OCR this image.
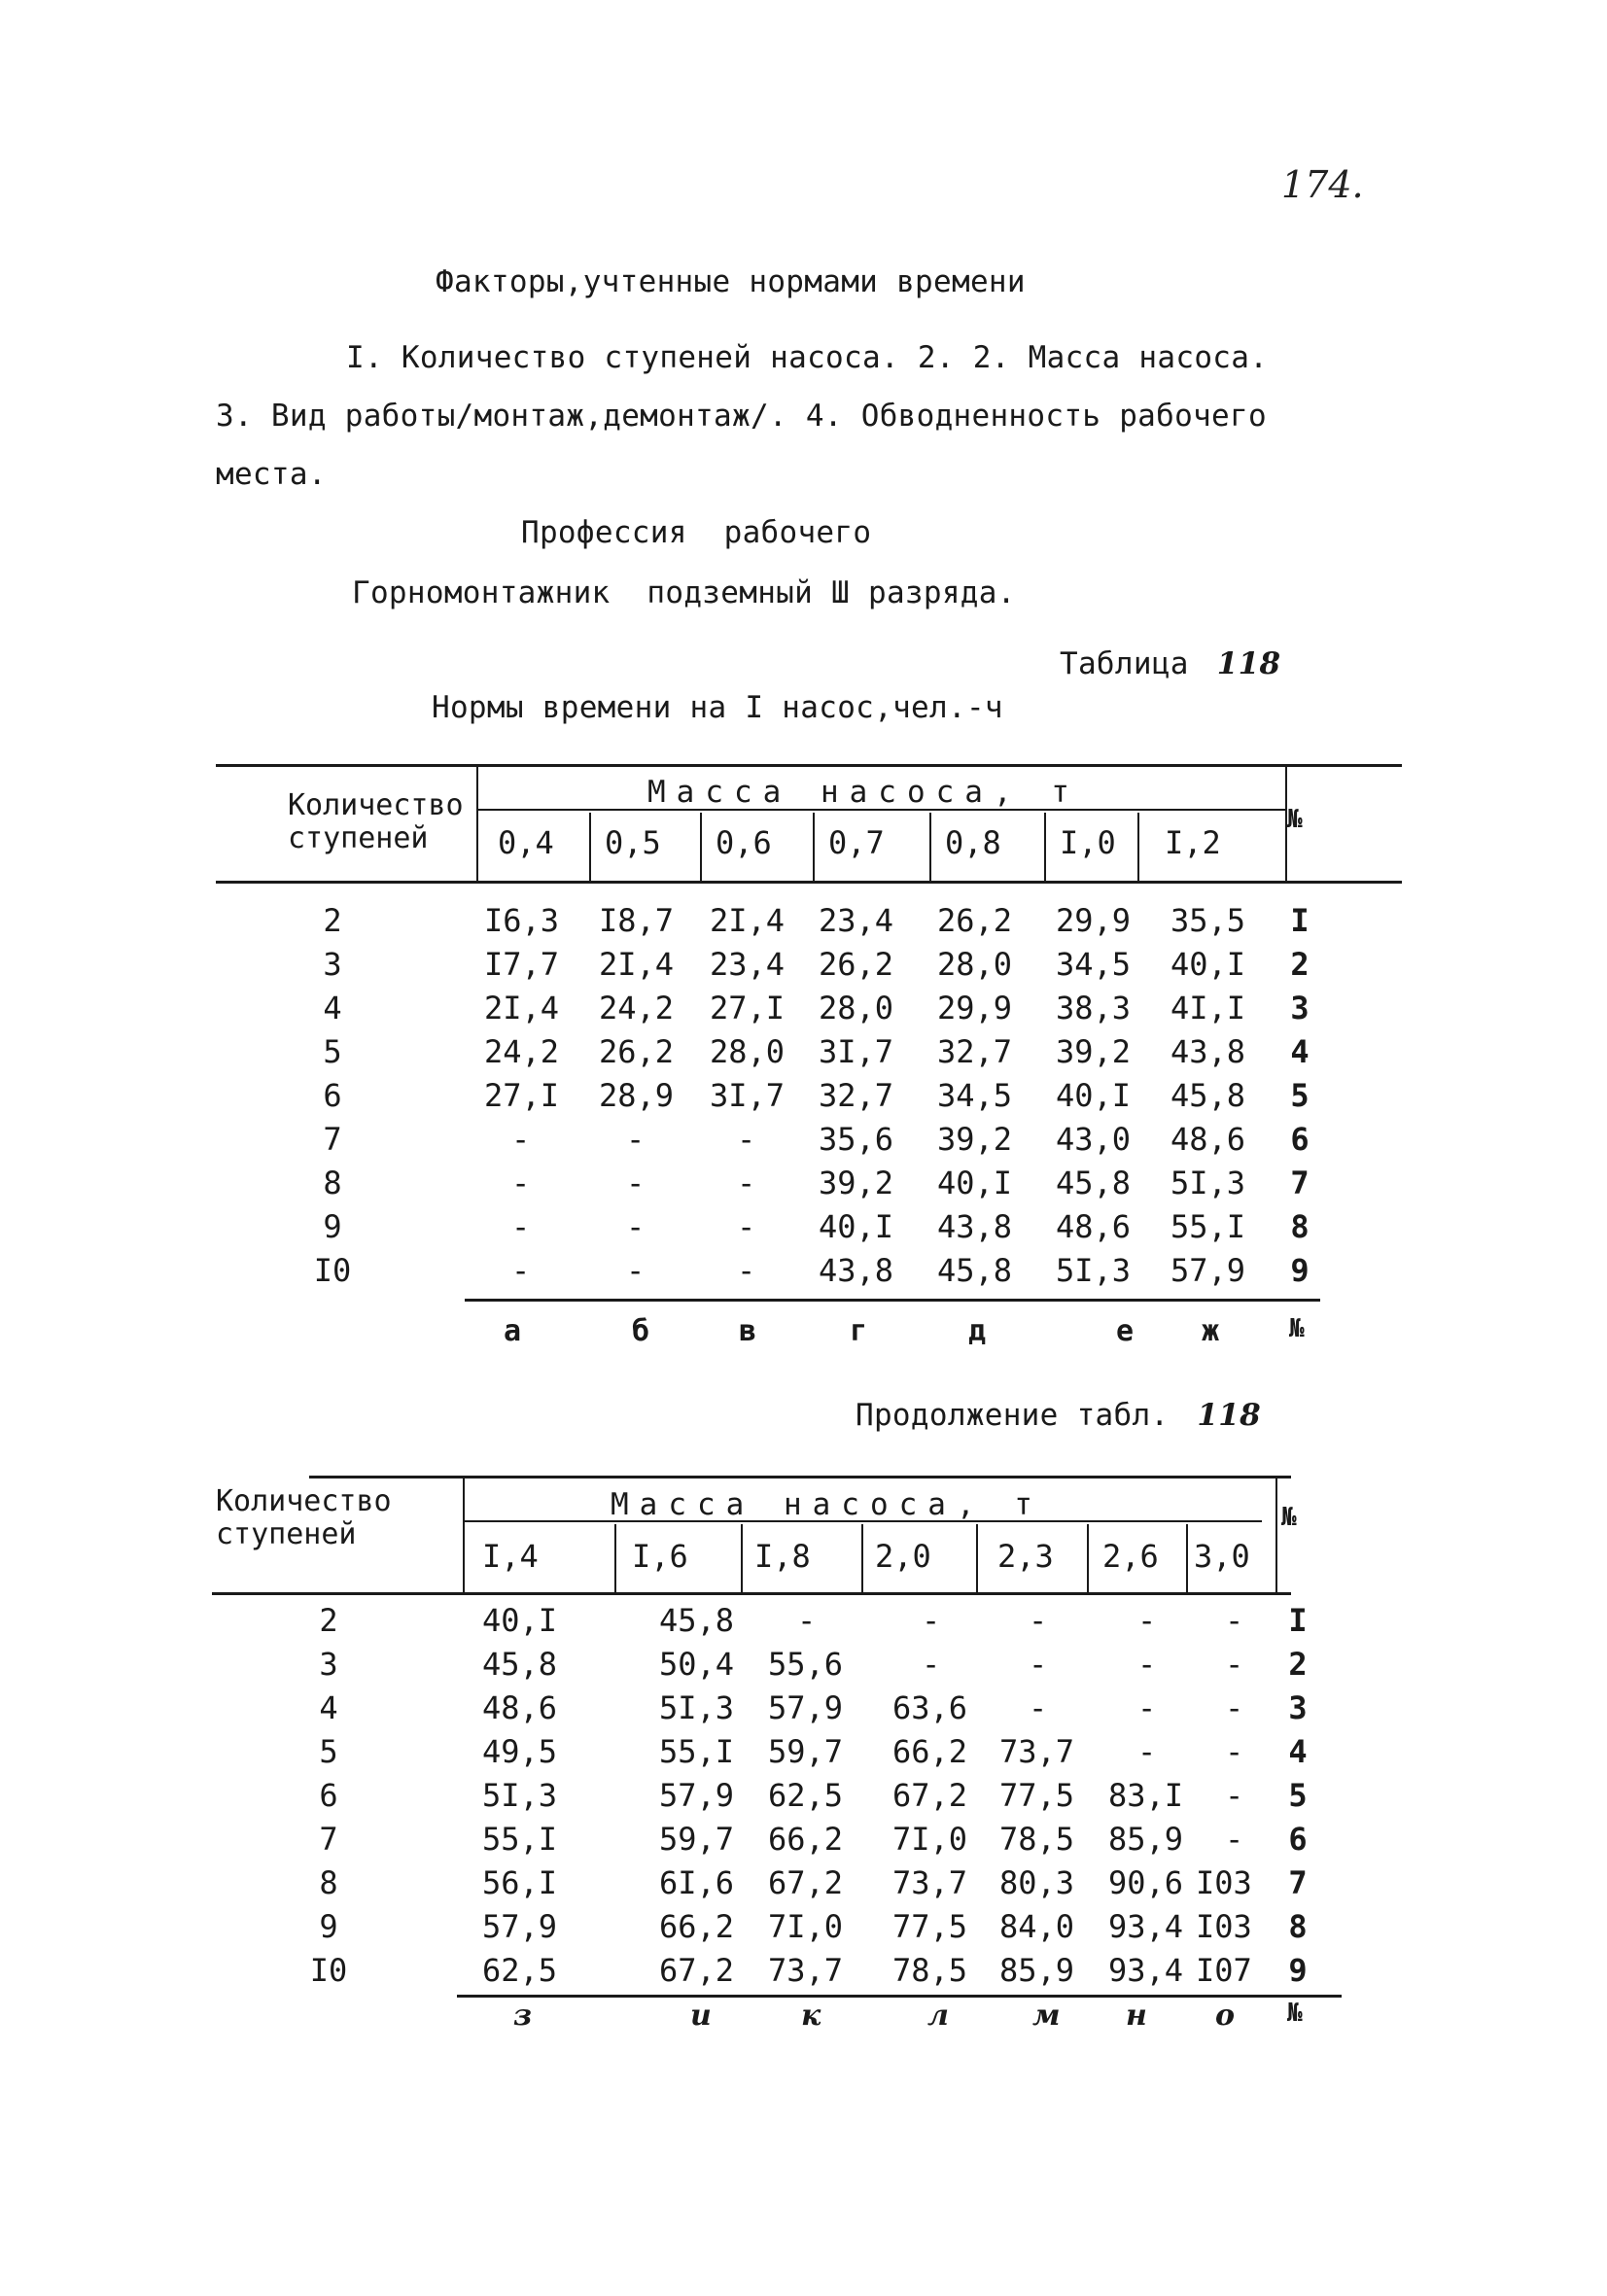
174.
Факторы,учтенные нормами времени
I. Количество ступеней насоса. 2. 2. Масса насоса.
3. Вид работы/монтаж,демонтаж/. 4. Обводненность рабочего
места.
Профессия  рабочего
Горномонтажник  подземный Ш разряда.
Таблица 118
Нормы времени на I насос,чел.-ч
Количество
ступеней
Масса насоса, т
№
0,4 0,5 0,6 0,7 0,8 I,0 I,2
2	I6,3 I8,7 2I,4 23,4 26,2 29,9 35,5 I
3	I7,7 2I,4 23,4 26,2 28,0 34,5 40,I 2
4	2I,4 24,2 27,I 28,0 29,9 38,3 4I,I 3
5	24,2 26,2 28,0 3I,7 32,7 39,2 43,8 4
6	27,I 28,9 3I,7 32,7 34,5 40,I 45,8 5
7	-	-	- 35,6 39,2 43,0 48,6 6
8	-	-	- 39,2 40,I 45,8 5I,3 7
9	-	-	- 40,I 43,8 48,6 55,I 8
I0	-	-	- 43,8 45,8 5I,3 57,9 9
а	б	в	г	д	е ж	№
Продолжение табл. 118
Количество
ступеней
Масса насоса, т	№
I,4	I,6 I,8 2,0 2,3 2,6 3,0
2	40,I	45,8 -	-	-	- - I
3	45,8	50,4 55,6	-	-	- - 2
4	48,6	5I,3 57,9 63,6 -	- - 3
5	49,5	55,I 59,7 66,2 73,7 - - 4
6	5I,3	57,9 62,5 67,2 77,5 83,I - 5
7	55,I	59,7 66,2 7I,0 78,5 85,9 - 6
8	56,I	6I,6 67,2 73,7 80,3 90,6 I03 7
9	57,9	66,2 7I,0 77,5 84,0 93,4 I03 8
I0	62,5	67,2 73,7 78,5 85,9 93,4 I07 9
з	и	к	л	м н о №
